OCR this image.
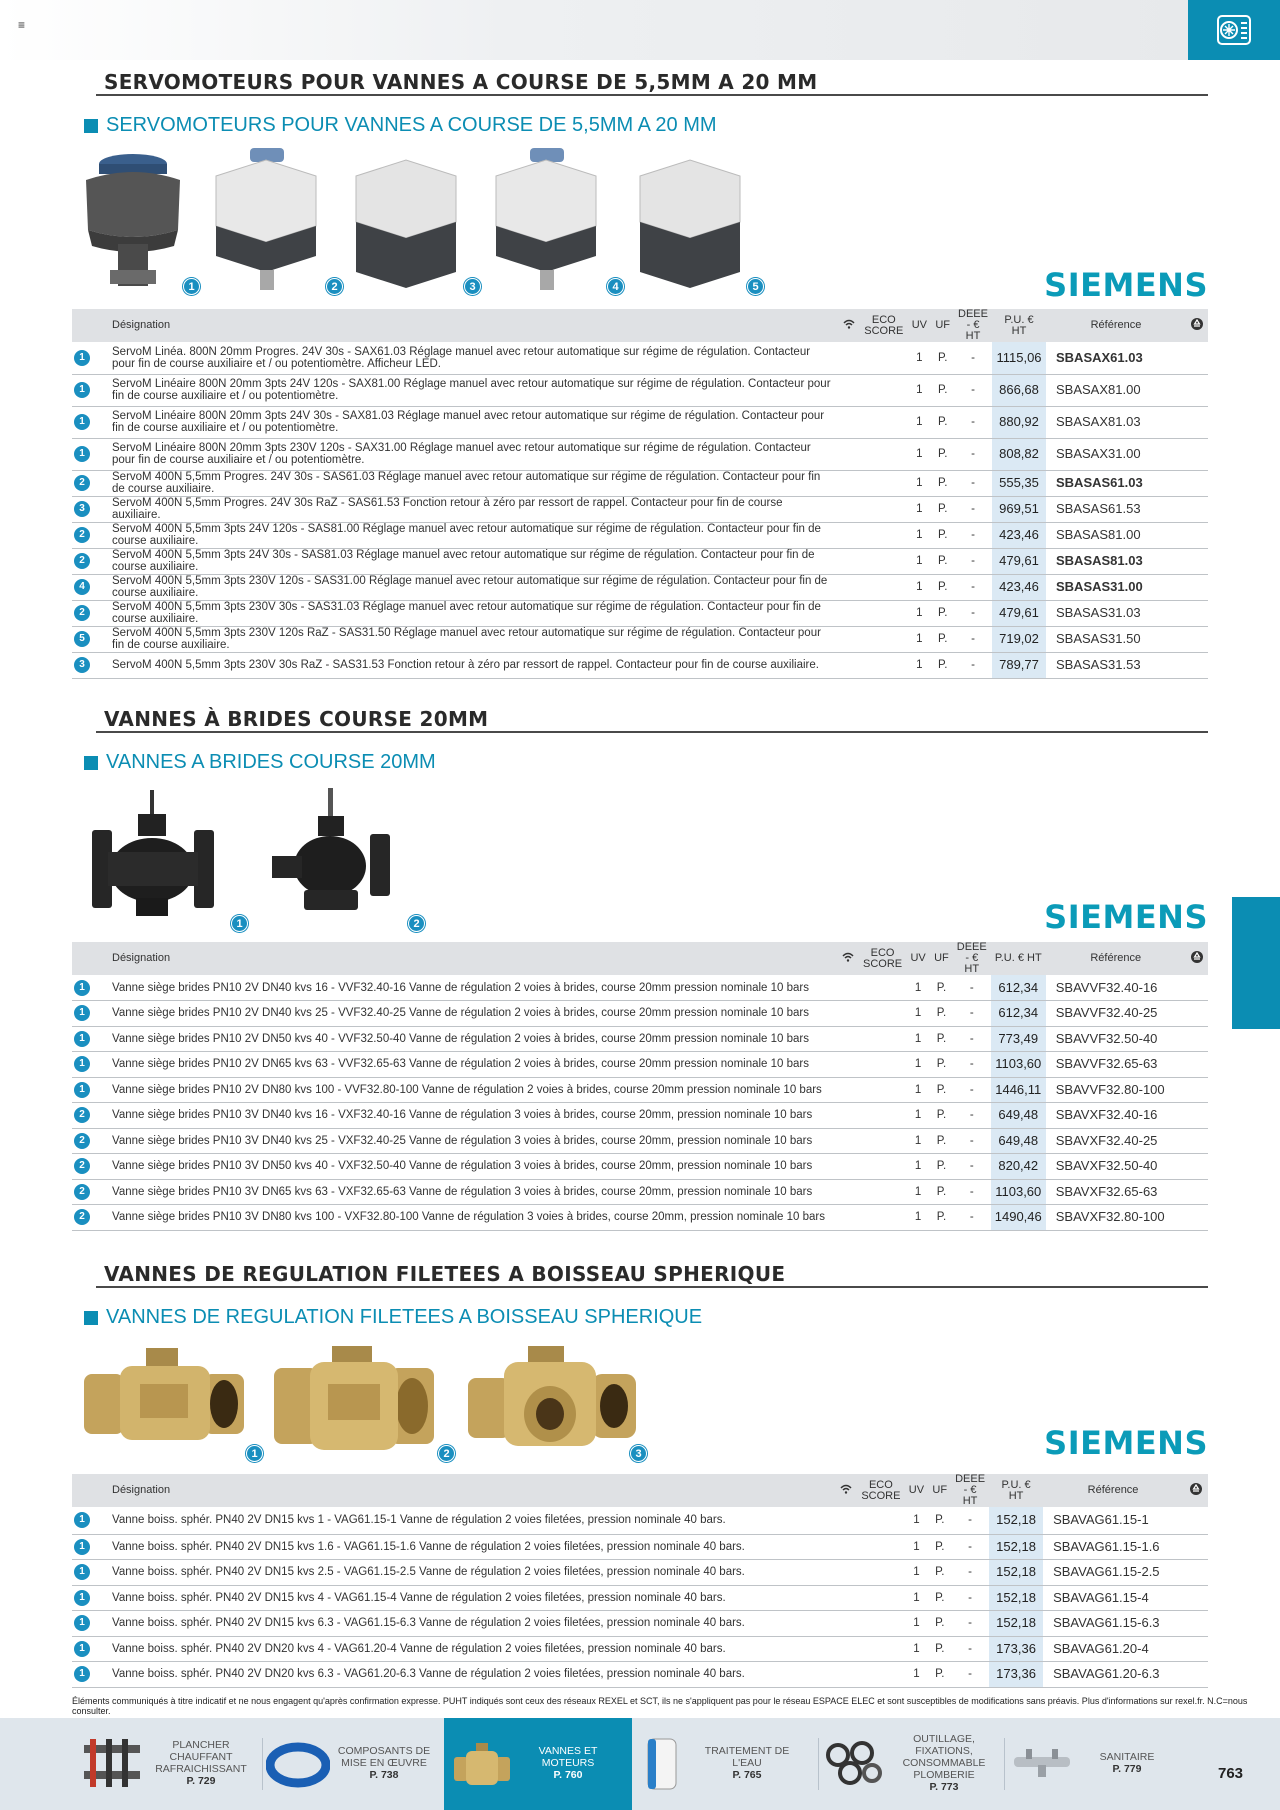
≡
SERVOMOTEURS POUR VANNES A COURSE DE 5,5MM A 20 MM
SERVOMOTEURS POUR VANNES A COURSE DE 5,5MM A 20 MM
1	2	3	4	5	SIEMENS
Désignation			ECO SCORE	UV	UF	DEEE - € HT	P.U. € HT	Référence	

1	ServoM Linéa. 800N 20mm Progres. 24V 30s - SAX61.03 Réglage manuel avec retour automatique sur régime de régulation. Contacteur pour fin de course auxiliaire et / ou potentiomètre. Afficheur LED.			1	P.	-	1115,06	SBASAX61.03	

1	ServoM Linéaire 800N 20mm 3pts 24V 120s - SAX81.00 Réglage manuel avec retour automatique sur régime de régulation. Contacteur pour fin de course auxiliaire et / ou potentiomètre.			1	P.	-	866,68	SBASAX81.00	

1	ServoM Linéaire 800N 20mm 3pts 24V 30s - SAX81.03 Réglage manuel avec retour automatique sur régime de régulation. Contacteur pour fin de course auxiliaire et / ou potentiomètre.			1	P.	-	880,92	SBASAX81.03	

1	ServoM Linéaire 800N 20mm 3pts 230V 120s - SAX31.00 Réglage manuel avec retour automatique sur régime de régulation. Contacteur pour fin de course auxiliaire et / ou potentiomètre.			1	P.	-	808,82	SBASAX31.00	

2	ServoM 400N 5,5mm Progres. 24V 30s - SAS61.03 Réglage manuel avec retour automatique sur régime de régulation. Contacteur pour fin de course auxiliaire.			1	P.	-	555,35	SBASAS61.03	

3	ServoM 400N 5,5mm Progres. 24V 30s RaZ - SAS61.53 Fonction retour à zéro par ressort de rappel. Contacteur pour fin de course auxiliaire.			1	P.	-	969,51	SBASAS61.53	

2	ServoM 400N 5,5mm 3pts 24V 120s - SAS81.00 Réglage manuel avec retour automatique sur régime de régulation. Contacteur pour fin de course auxiliaire.			1	P.	-	423,46	SBASAS81.00	

2	ServoM 400N 5,5mm 3pts 24V 30s - SAS81.03 Réglage manuel avec retour automatique sur régime de régulation. Contacteur pour fin de course auxiliaire.			1	P.	-	479,61	SBASAS81.03	

4	ServoM 400N 5,5mm 3pts 230V 120s - SAS31.00 Réglage manuel avec retour automatique sur régime de régulation. Contacteur pour fin de course auxiliaire.			1	P.	-	423,46	SBASAS31.00	

2	ServoM 400N 5,5mm 3pts 230V 30s - SAS31.03 Réglage manuel avec retour automatique sur régime de régulation. Contacteur pour fin de course auxiliaire.			1	P.	-	479,61	SBASAS31.03	

5	ServoM 400N 5,5mm 3pts 230V 120s RaZ - SAS31.50 Réglage manuel avec retour automatique sur régime de régulation. Contacteur pour fin de course auxiliaire.			1	P.	-	719,02	SBASAS31.50	

3	ServoM 400N 5,5mm 3pts 230V 30s RaZ - SAS31.53 Fonction retour à zéro par ressort de rappel. Contacteur pour fin de course auxiliaire.			1	P.	-	789,77	SBASAS31.53	
VANNES À BRIDES COURSE 20MM
VANNES A BRIDES COURSE 20MM
1	2	SIEMENS
Désignation			ECO SCORE	UV	UF	DEEE - € HT	P.U. € HT	Référence	

1	Vanne siège brides PN10 2V DN40 kvs 16 - VVF32.40-16 Vanne de régulation 2 voies à brides, course 20mm pression nominale 10 bars			1	P.	-	612,34	SBAVVF32.40-16	

1	Vanne siège brides PN10 2V DN40 kvs 25 - VVF32.40-25 Vanne de régulation 2 voies à brides, course 20mm pression nominale 10 bars			1	P.	-	612,34	SBAVVF32.40-25	

1	Vanne siège brides PN10 2V DN50 kvs 40 - VVF32.50-40 Vanne de régulation 2 voies à brides, course 20mm pression nominale 10 bars			1	P.	-	773,49	SBAVVF32.50-40	

1	Vanne siège brides PN10 2V DN65 kvs 63 - VVF32.65-63 Vanne de régulation 2 voies à brides, course 20mm pression nominale 10 bars			1	P.	-	1103,60	SBAVVF32.65-63	

1	Vanne siège brides PN10 2V DN80 kvs 100 - VVF32.80-100 Vanne de régulation 2 voies à brides, course 20mm pression nominale 10 bars			1	P.	-	1446,11	SBAVVF32.80-100	

2	Vanne siège brides PN10 3V DN40 kvs 16 - VXF32.40-16 Vanne de régulation 3 voies à brides, course 20mm, pression nominale 10 bars			1	P.	-	649,48	SBAVXF32.40-16	

2	Vanne siège brides PN10 3V DN40 kvs 25 - VXF32.40-25 Vanne de régulation 3 voies à brides, course 20mm, pression nominale 10 bars			1	P.	-	649,48	SBAVXF32.40-25	

2	Vanne siège brides PN10 3V DN50 kvs 40 - VXF32.50-40 Vanne de régulation 3 voies à brides, course 20mm, pression nominale 10 bars			1	P.	-	820,42	SBAVXF32.50-40	

2	Vanne siège brides PN10 3V DN65 kvs 63 - VXF32.65-63 Vanne de régulation 3 voies à brides, course 20mm, pression nominale 10 bars			1	P.	-	1103,60	SBAVXF32.65-63	

2	Vanne siège brides PN10 3V DN80 kvs 100 - VXF32.80-100 Vanne de régulation 3 voies à brides, course 20mm, pression nominale 10 bars			1	P.	-	1490,46	SBAVXF32.80-100	
VANNES DE REGULATION FILETEES A BOISSEAU SPHERIQUE
VANNES DE REGULATION FILETEES A BOISSEAU SPHERIQUE
1	2	3	SIEMENS
Désignation			ECO SCORE	UV	UF	DEEE - € HT	P.U. € HT	Référence	

1	Vanne boiss. sphér. PN40 2V DN15 kvs 1 - VAG61.15-1 Vanne de régulation 2 voies filetées, pression nominale 40 bars.			1	P.	-	152,18	SBAVAG61.15-1	

1	Vanne boiss. sphér. PN40 2V DN15 kvs 1.6 - VAG61.15-1.6 Vanne de régulation 2 voies filetées, pression nominale 40 bars.			1	P.	-	152,18	SBAVAG61.15-1.6	

1	Vanne boiss. sphér. PN40 2V DN15 kvs 2.5 - VAG61.15-2.5 Vanne de régulation 2 voies filetées, pression nominale 40 bars.			1	P.	-	152,18	SBAVAG61.15-2.5	

1	Vanne boiss. sphér. PN40 2V DN15 kvs 4 - VAG61.15-4 Vanne de régulation 2 voies filetées, pression nominale 40 bars.			1	P.	-	152,18	SBAVAG61.15-4	

1	Vanne boiss. sphér. PN40 2V DN15 kvs 6.3 - VAG61.15-6.3 Vanne de régulation 2 voies filetées, pression nominale 40 bars.			1	P.	-	152,18	SBAVAG61.15-6.3	

1	Vanne boiss. sphér. PN40 2V DN20 kvs 4 - VAG61.20-4 Vanne de régulation 2 voies filetées, pression nominale 40 bars.			1	P.	-	173,36	SBAVAG61.20-4	

1	Vanne boiss. sphér. PN40 2V DN20 kvs 6.3 - VAG61.20-6.3 Vanne de régulation 2 voies filetées, pression nominale 40 bars.			1	P.	-	173,36	SBAVAG61.20-6.3	
Éléments communiqués à titre indicatif et ne nous engagent qu'après confirmation expresse. PUHT indiqués sont ceux des réseaux REXEL et SCT, ils ne s'appliquent pas pour le réseau ESPACE ELEC et sont susceptibles de modifications sans préavis. Plus d'informations sur rexel.fr. N.C=nous consulter.
PLANCHER CHAUFFANT RAFRAICHISSANT
P. 729
COMPOSANTS DE MISE EN ŒUVRE
P. 738
VANNES ET MOTEURS
P. 760
TRAITEMENT DE L'EAU
P. 765
OUTILLAGE, FIXATIONS, CONSOMMABLE PLOMBERIE
P. 773
SANITAIRE
P. 779	763
